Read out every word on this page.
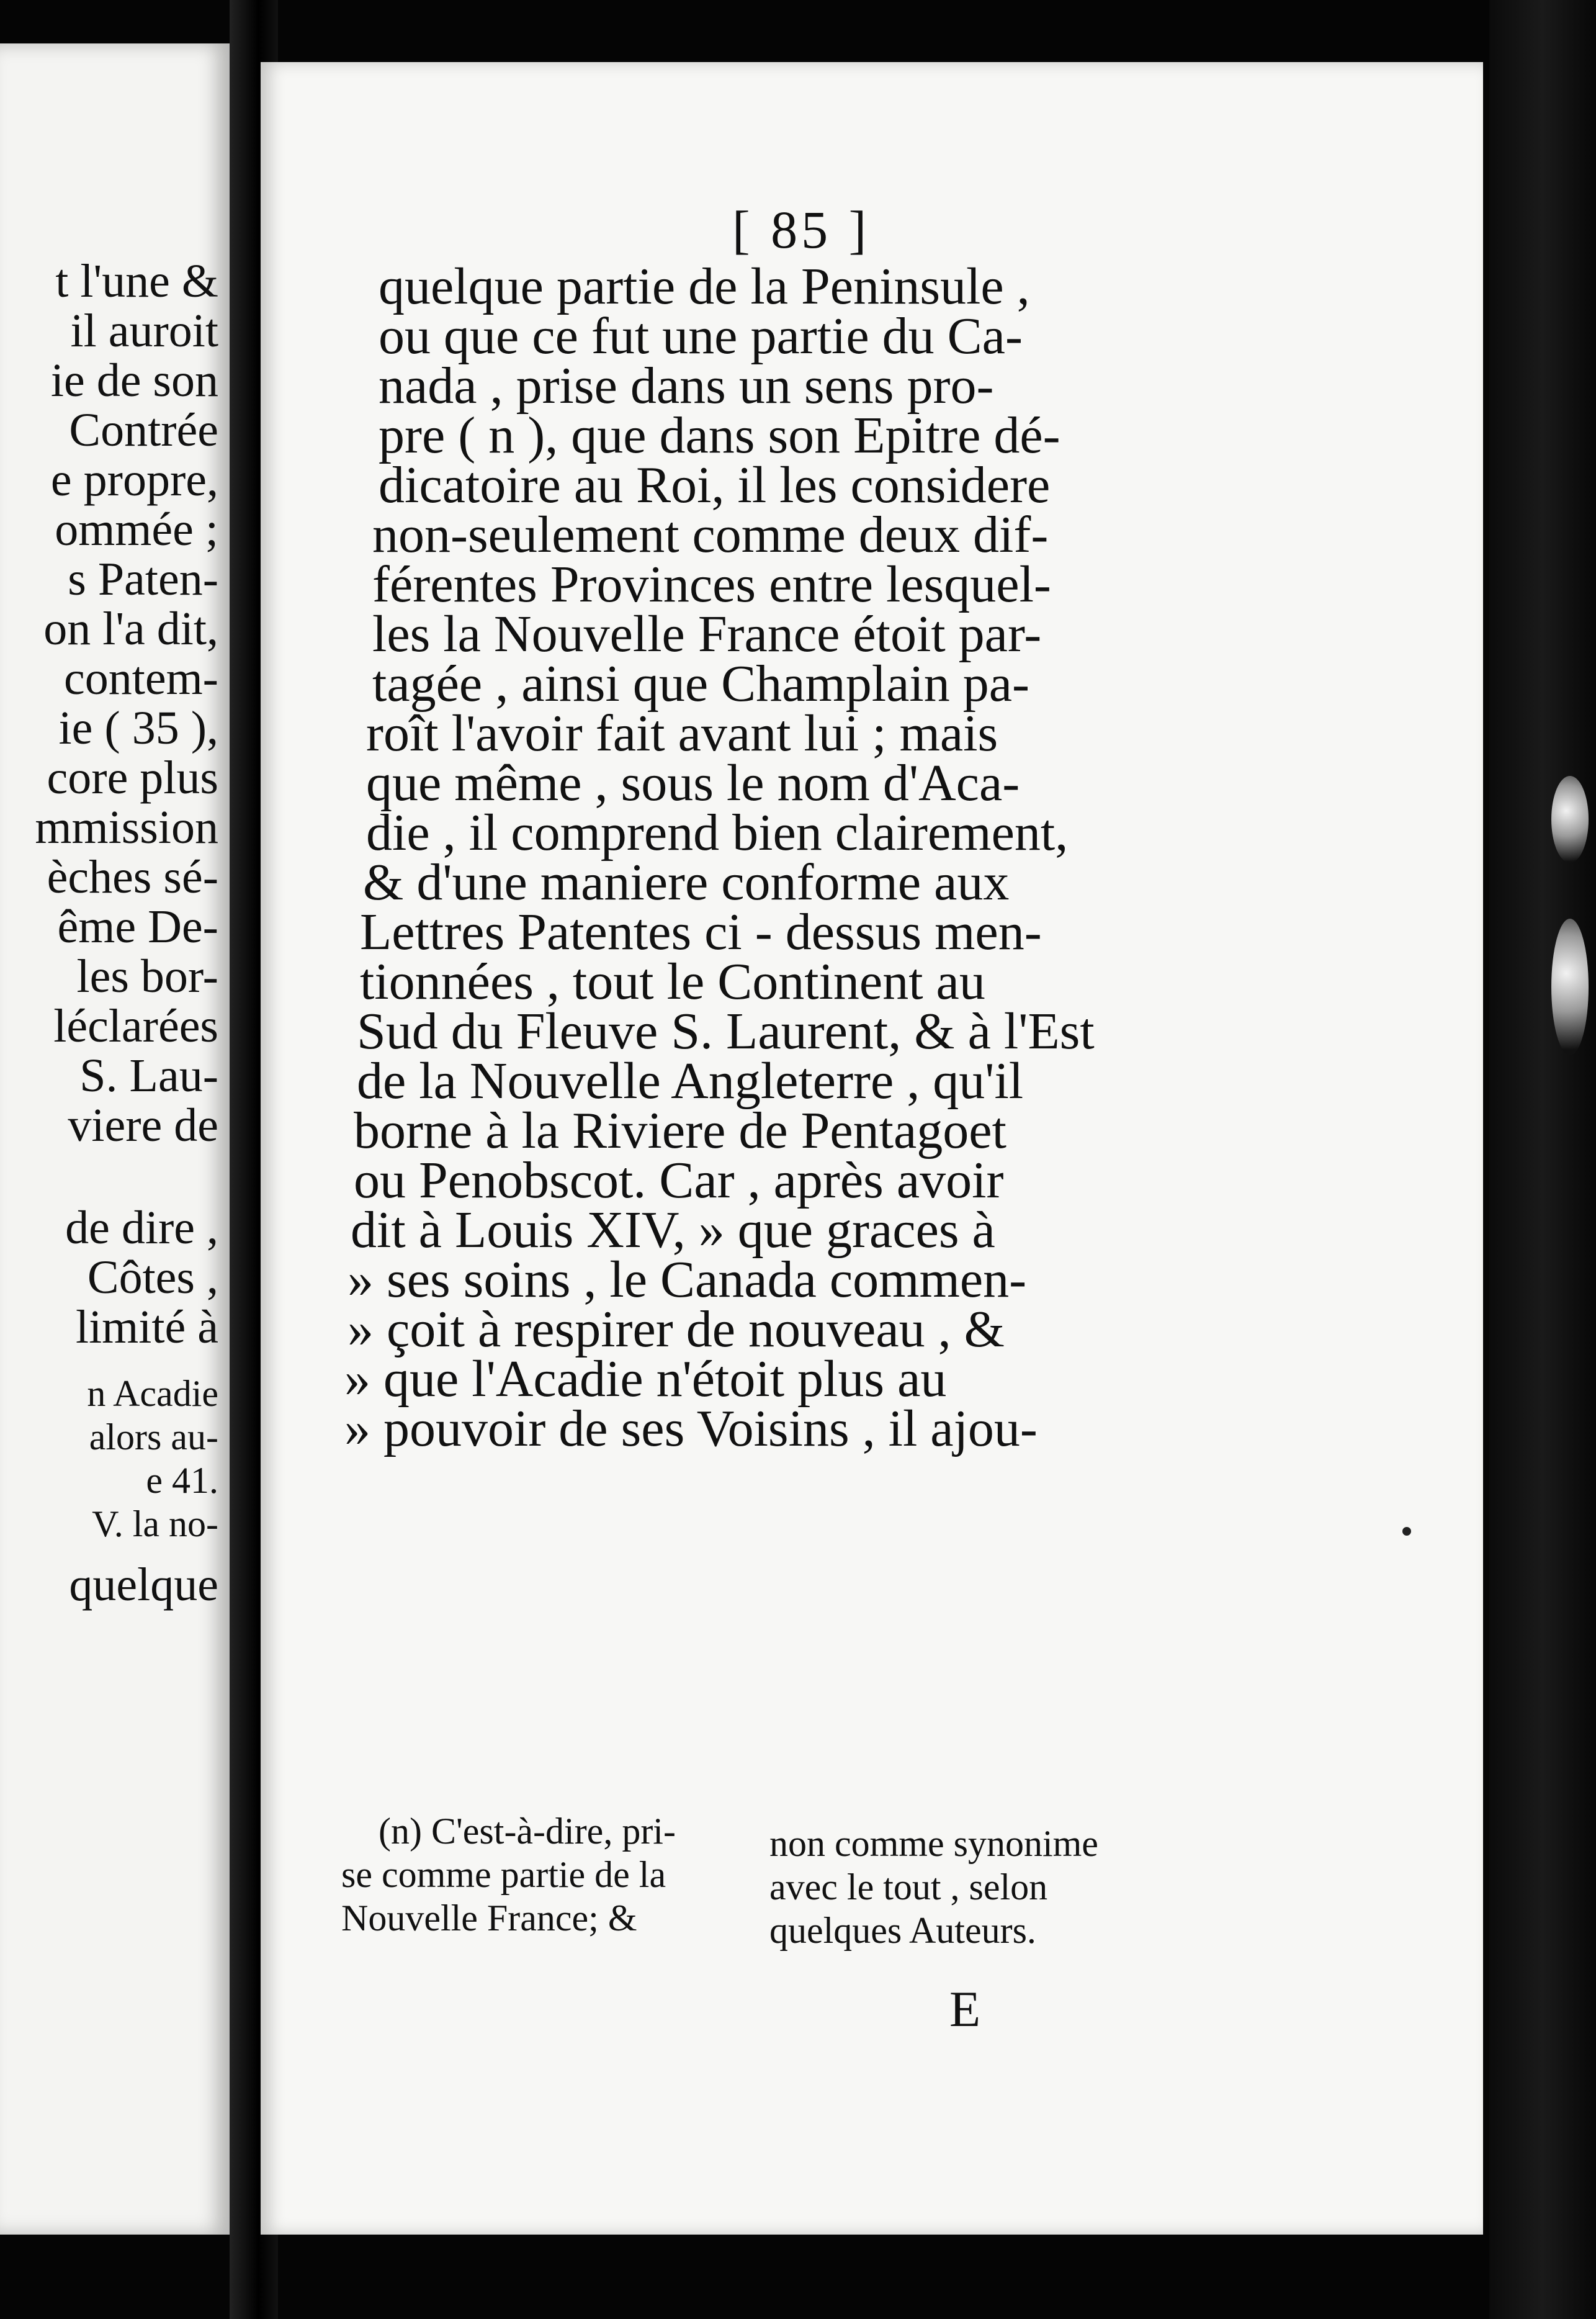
t l'une &
il auroit
ie de son
Contrée
e propre,
ommée ;
s Paten-
on l'a dit,
contem-
ie ( 35 ),
core plus
mmission
èches sé-
ême De-
les bor-
léclarées
S. Lau-
viere de
de dire ,
Côtes ,
limité à
n Acadie
alors au-
e 41.
V. la no-
quelque
[ 85 ]
quelque partie de la Peninsule ,
ou que ce fut une partie du Ca-
nada , prise dans un sens pro-
pre ( n ), que dans son Epitre dé-
dicatoire au Roi, il les considere
non-seulement comme deux dif-
férentes Provinces entre lesquel-
les la Nouvelle France étoit par-
tagée , ainsi que Champlain pa-
roît l'avoir fait avant lui ; mais
que même , sous le nom d'Aca-
die , il comprend bien clairement,
& d'une maniere conforme aux
Lettres Patentes ci - dessus men-
tionnées , tout le Continent au
Sud du Fleuve S. Laurent, & à l'Est
de la Nouvelle Angleterre , qu'il
borne à la Riviere de Pentagoet
ou Penobscot. Car , après avoir
dit à Louis XIV, » que graces à
» ses soins , le Canada commen-
» çoit à respirer de nouveau , &
» que l'Acadie n'étoit plus au
» pouvoir de ses Voisins , il ajou-
(n) C'est-à-dire, pri-
se comme partie de la
Nouvelle France; &
non comme synonime
avec le tout , selon
quelques Auteurs.
E
